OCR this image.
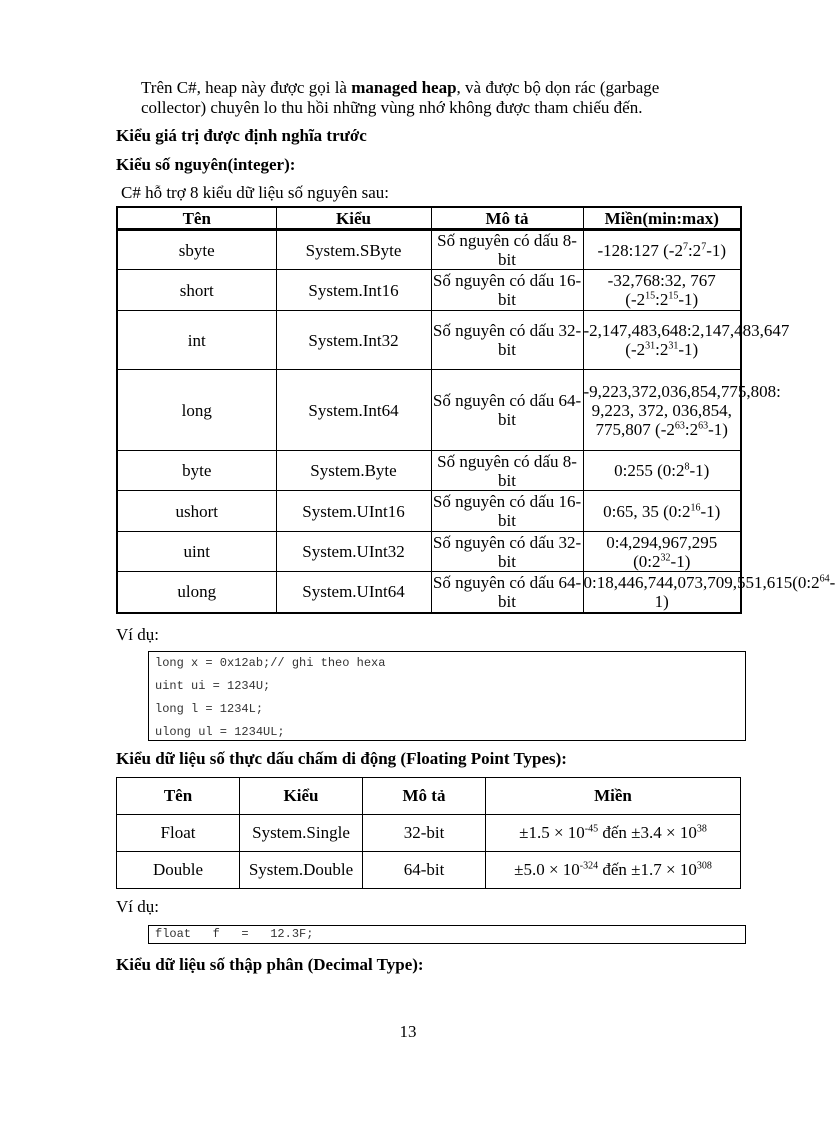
Trên C#, heap này được gọi là managed heap, và được bộ dọn rác (garbage
collector) chuyên lo thu hồi những vùng nhớ không được tham chiếu đến.
Kiểu giá trị được định nghĩa trước
Kiểu số nguyên(integer):
C# hỗ trợ 8 kiểu dữ liệu số nguyên sau:
Tên	Kiểu	Mô tả	Miền(min:max)
sbyte	System.SByte	Số nguyên có dấu 8-bit	-128:127 $(-2^7:2^7-1)$
short	System.Int16	Số nguyên có dấu 16-bit	-32,768:32, 767 $(-2^{15}:2^{15}-1)$
int	System.Int32	Số nguyên có dấu 32-bit	-2,147,483,648:2,147,483,647 $(-2^{31}:2^{31}-1)$
long	System.Int64	Số nguyên có dấu 64-bit	-9,223,372,036,854,775,808: 9,223, 372, 036,854, 775,807 $(-2^{63}:2^{63}-1)$
byte	System.Byte	Số nguyên có dấu 8-bit	0:255 $(0:2^8-1)$
ushort	System.UInt16	Số nguyên có dấu 16-bit	0:65, 35 $(0:2^{16}-1)$
uint	System.UInt32	Số nguyên có dấu 32-bit	0:4,294,967,295 $(0:2^{32}-1)$
ulong	System.UInt64	Số nguyên có dấu 64-bit	$0:18,446,744,073,709,551,615(0:2^{64}-1)$
Ví dụ:
long x = 0x12ab;// ghi theo hexa
uint ui = 1234U;
long l = 1234L;
ulong ul = 1234UL;
Kiểu dữ liệu số thực dấu chấm di động (Floating Point Types):
Tên	Kiểu	Mô tả	Miền
Float	System.Single	32-bit	$\pm 1.5 \times 10^{-45}$ đến $\pm 3.4 \times 10^{38}$
Double	System.Double	64-bit	$\pm 5.0 \times 10^{-324}$ đến $\pm 1.7 \times 10^{308}$
Ví dụ:
float   f   =   12.3F;
Kiểu dữ liệu số thập phân (Decimal Type):
13
